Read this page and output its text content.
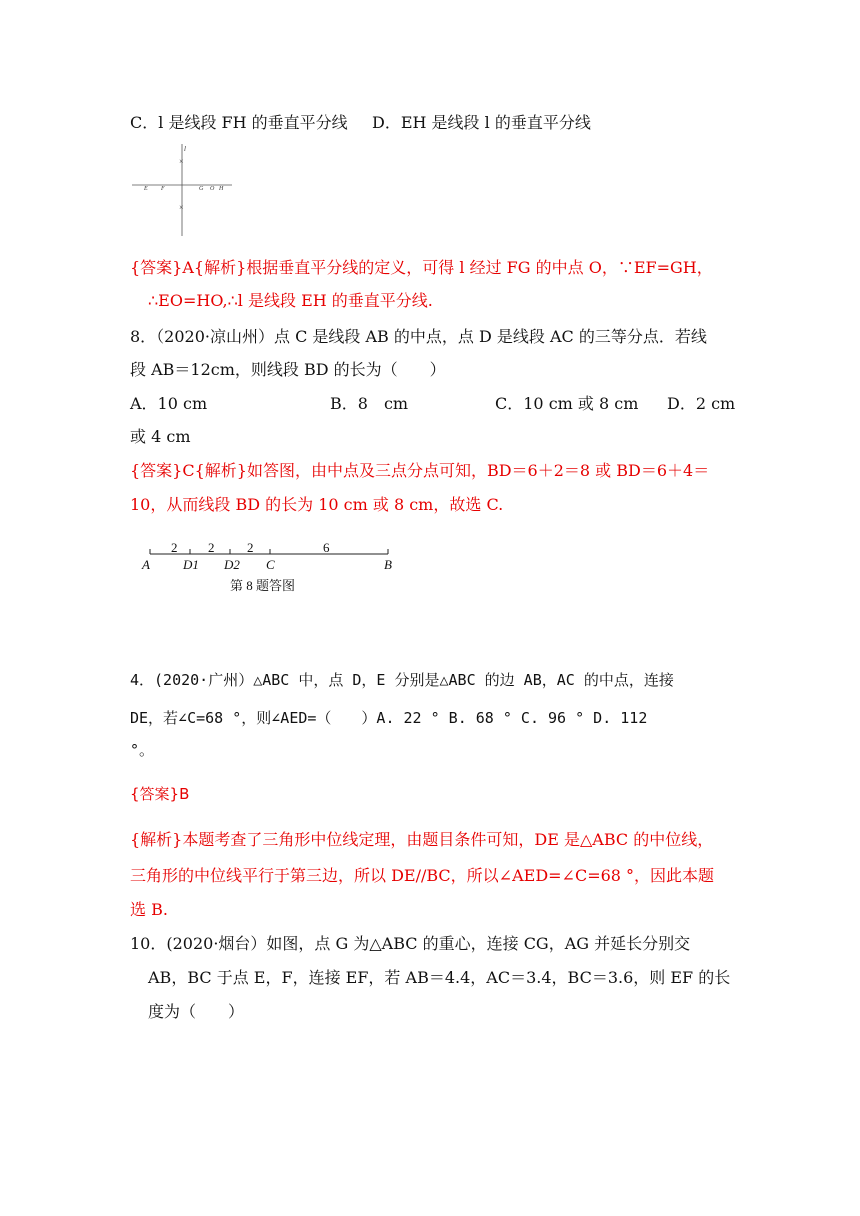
C．l 是线段 FH 的垂直平分线 D．EH 是线段 l 的垂直平分线
l
E F	G O H
×
×
{答案}A{解析}根据垂直平分线的定义，可得 l 经过 FG 的中点 O，∵EF=GH，
∴EO=HO,∴l 是线段 EH 的垂直平分线.
8．（2020·凉山州）点 C 是线段 AB 的中点，点 D 是线段 AC 的三等分点．若线
段 AB＝12cm，则线段 BD 的长为（　　）
A．10 cm	B．8　cm	C．10 cm 或 8 cm D．2 cm
或 4 cm
{答案}C{解析}如答图，由中点及三点分点可知，BD＝6＋2＝8 或 BD＝6＋4＝
10，从而线段 BD 的长为 10 cm 或 8 cm，故选 C.
2 2	2	6
A	D1 D2 C	B
第 8 题答图
4．(2020·广州）△ABC 中，点 D，E 分别是△ABC 的边 AB，AC 的中点，连接
DE，若∠C=68 °，则∠AED=（　　）A. 22 ° B. 68 ° C. 96 ° D. 112
°。
{答案}B
{解析}本题考查了三角形中位线定理，由题目条件可知，DE 是△ABC 的中位线，
三角形的中位线平行于第三边，所以 DE//BC，所以∠AED=∠C=68 °，因此本题
选 B.
10．(2020·烟台）如图，点 G 为△ABC 的重心，连接 CG，AG 并延长分别交
AB，BC 于点 E，F，连接 EF，若 AB＝4.4，AC＝3.4，BC＝3.6，则 EF 的长
度为（　　）
